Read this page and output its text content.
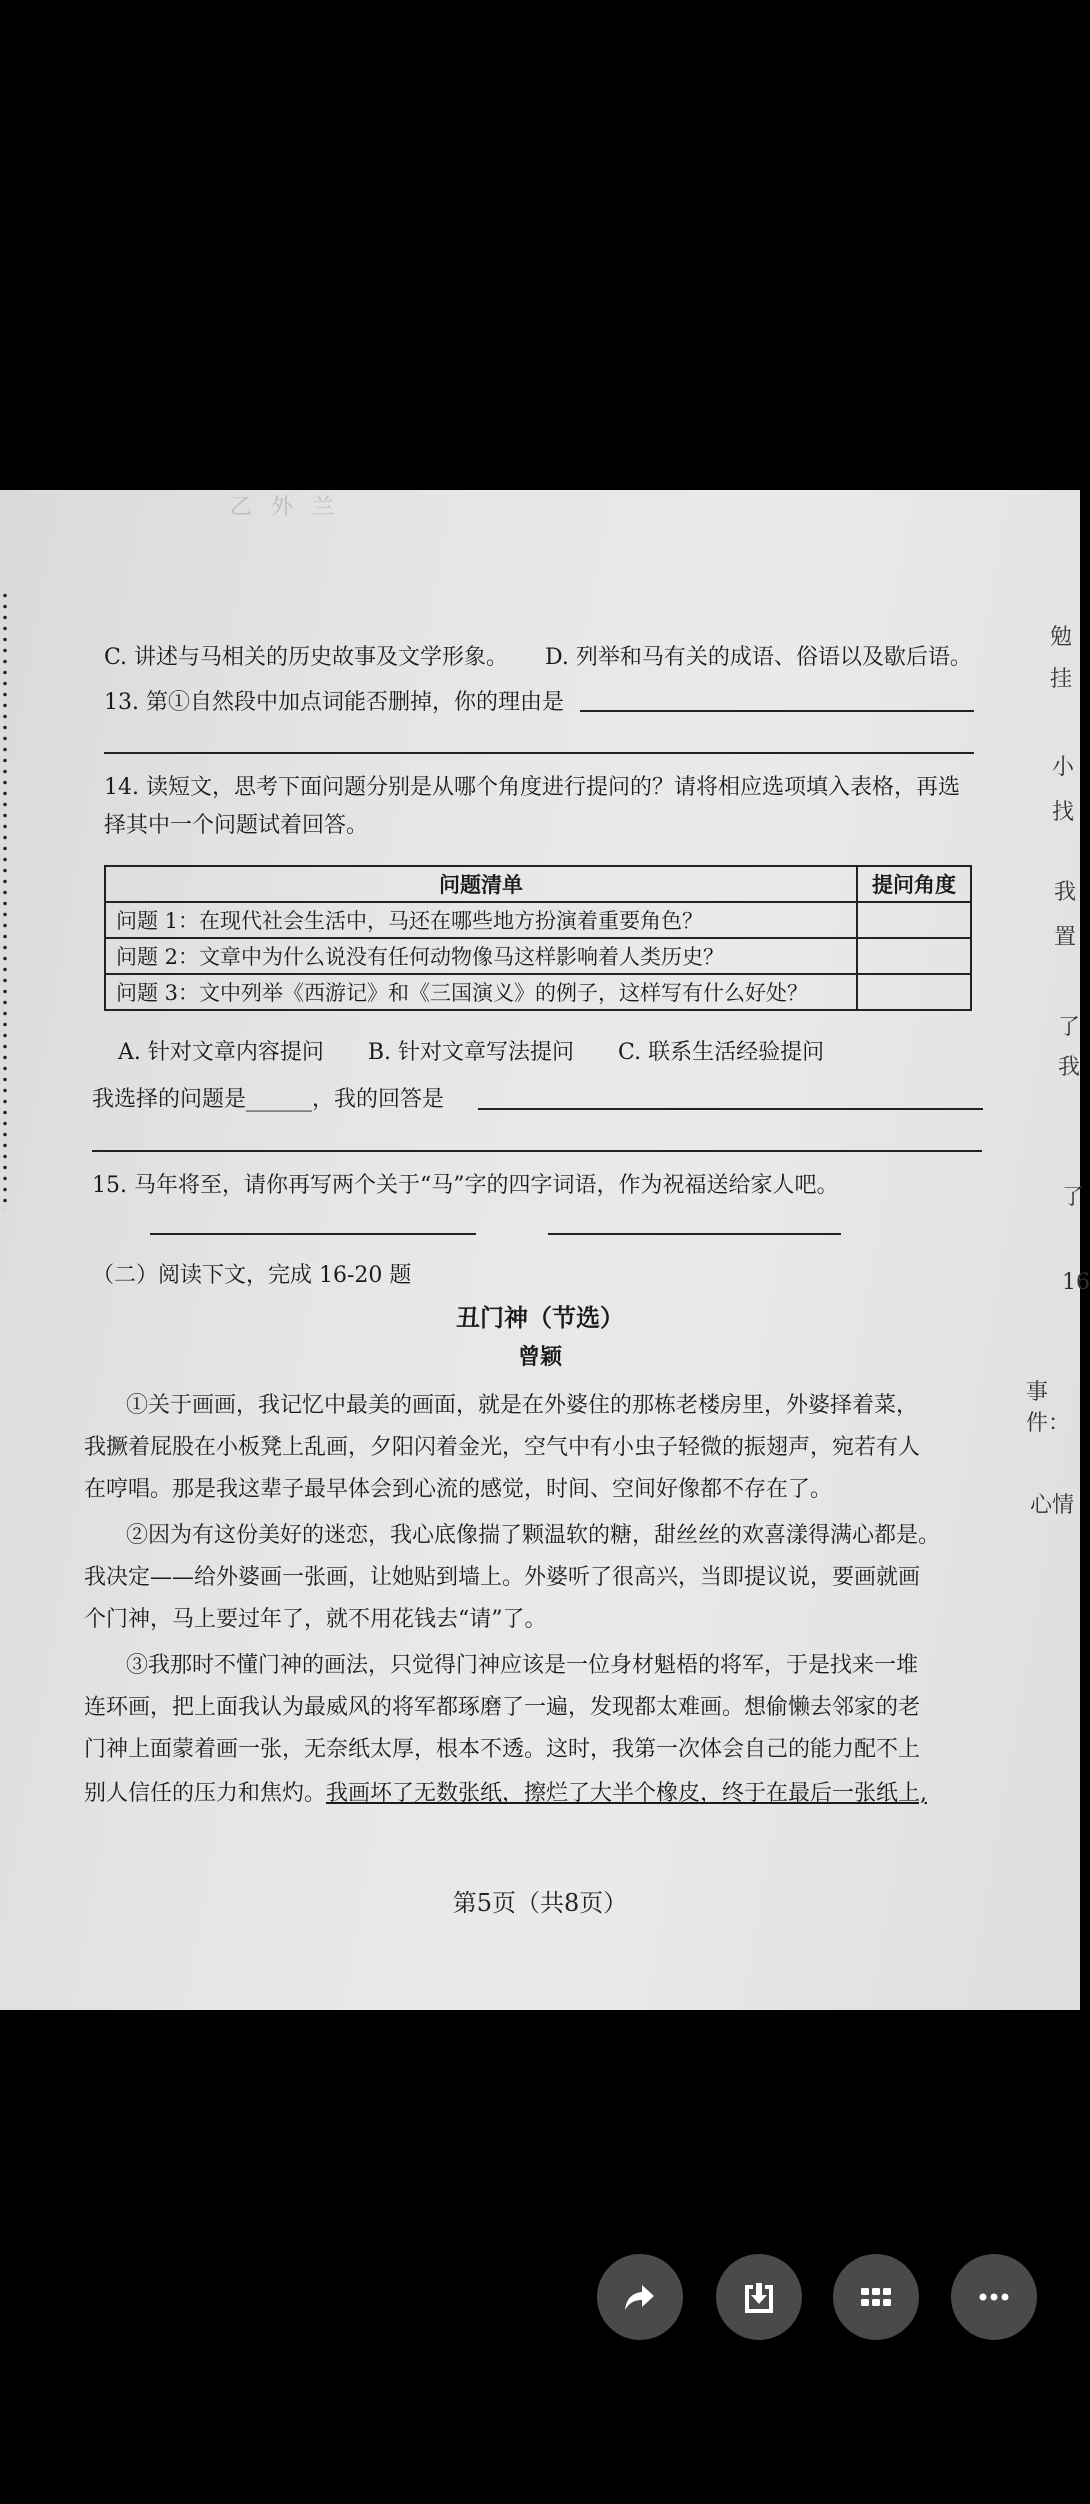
乙 外 兰
勉
挂
小
找
我
置
了
我
了
16
事件：
心情
C. 讲述与马相关的历史故事及文学形象。 D. 列举和马有关的成语、俗语以及歇后语。
13. 第①自然段中加点词能否删掉，你的理由是
14. 读短文，思考下面问题分别是从哪个角度进行提问的？请将相应选项填入表格，再选
择其中一个问题试着回答。
问题清单	提问角度
问题 1：在现代社会生活中，马还在哪些地方扮演着重要角色？	
问题 2：文章中为什么说没有任何动物像马这样影响着人类历史？	
问题 3：文中列举《西游记》和《三国演义》的例子，这样写有什么好处？	
A. 针对文章内容提问　　B. 针对文章写法提问　　C. 联系生活经验提问
我选择的问题是______，我的回答是
15. 马年将至，请你再写两个关于“马”字的四字词语，作为祝福送给家人吧。
（二）阅读下文，完成 16-20 题
丑门神（节选）
曾颖
①关于画画，我记忆中最美的画面，就是在外婆住的那栋老楼房里，外婆择着菜，
我撅着屁股在小板凳上乱画，夕阳闪着金光，空气中有小虫子轻微的振翅声，宛若有人
在哼唱。那是我这辈子最早体会到心流的感觉，时间、空间好像都不存在了。
②因为有这份美好的迷恋，我心底像揣了颗温软的糖，甜丝丝的欢喜漾得满心都是。
我决定——给外婆画一张画，让她贴到墙上。外婆听了很高兴，当即提议说，要画就画
个门神，马上要过年了，就不用花钱去“请”了。
③我那时不懂门神的画法，只觉得门神应该是一位身材魁梧的将军，于是找来一堆
连环画，把上面我认为最威风的将军都琢磨了一遍，发现都太难画。想偷懒去邻家的老
门神上面蒙着画一张，无奈纸太厚，根本不透。这时，我第一次体会自己的能力配不上
别人信任的压力和焦灼。我画坏了无数张纸，擦烂了大半个橡皮，终于在最后一张纸上,
第5页（共8页）
